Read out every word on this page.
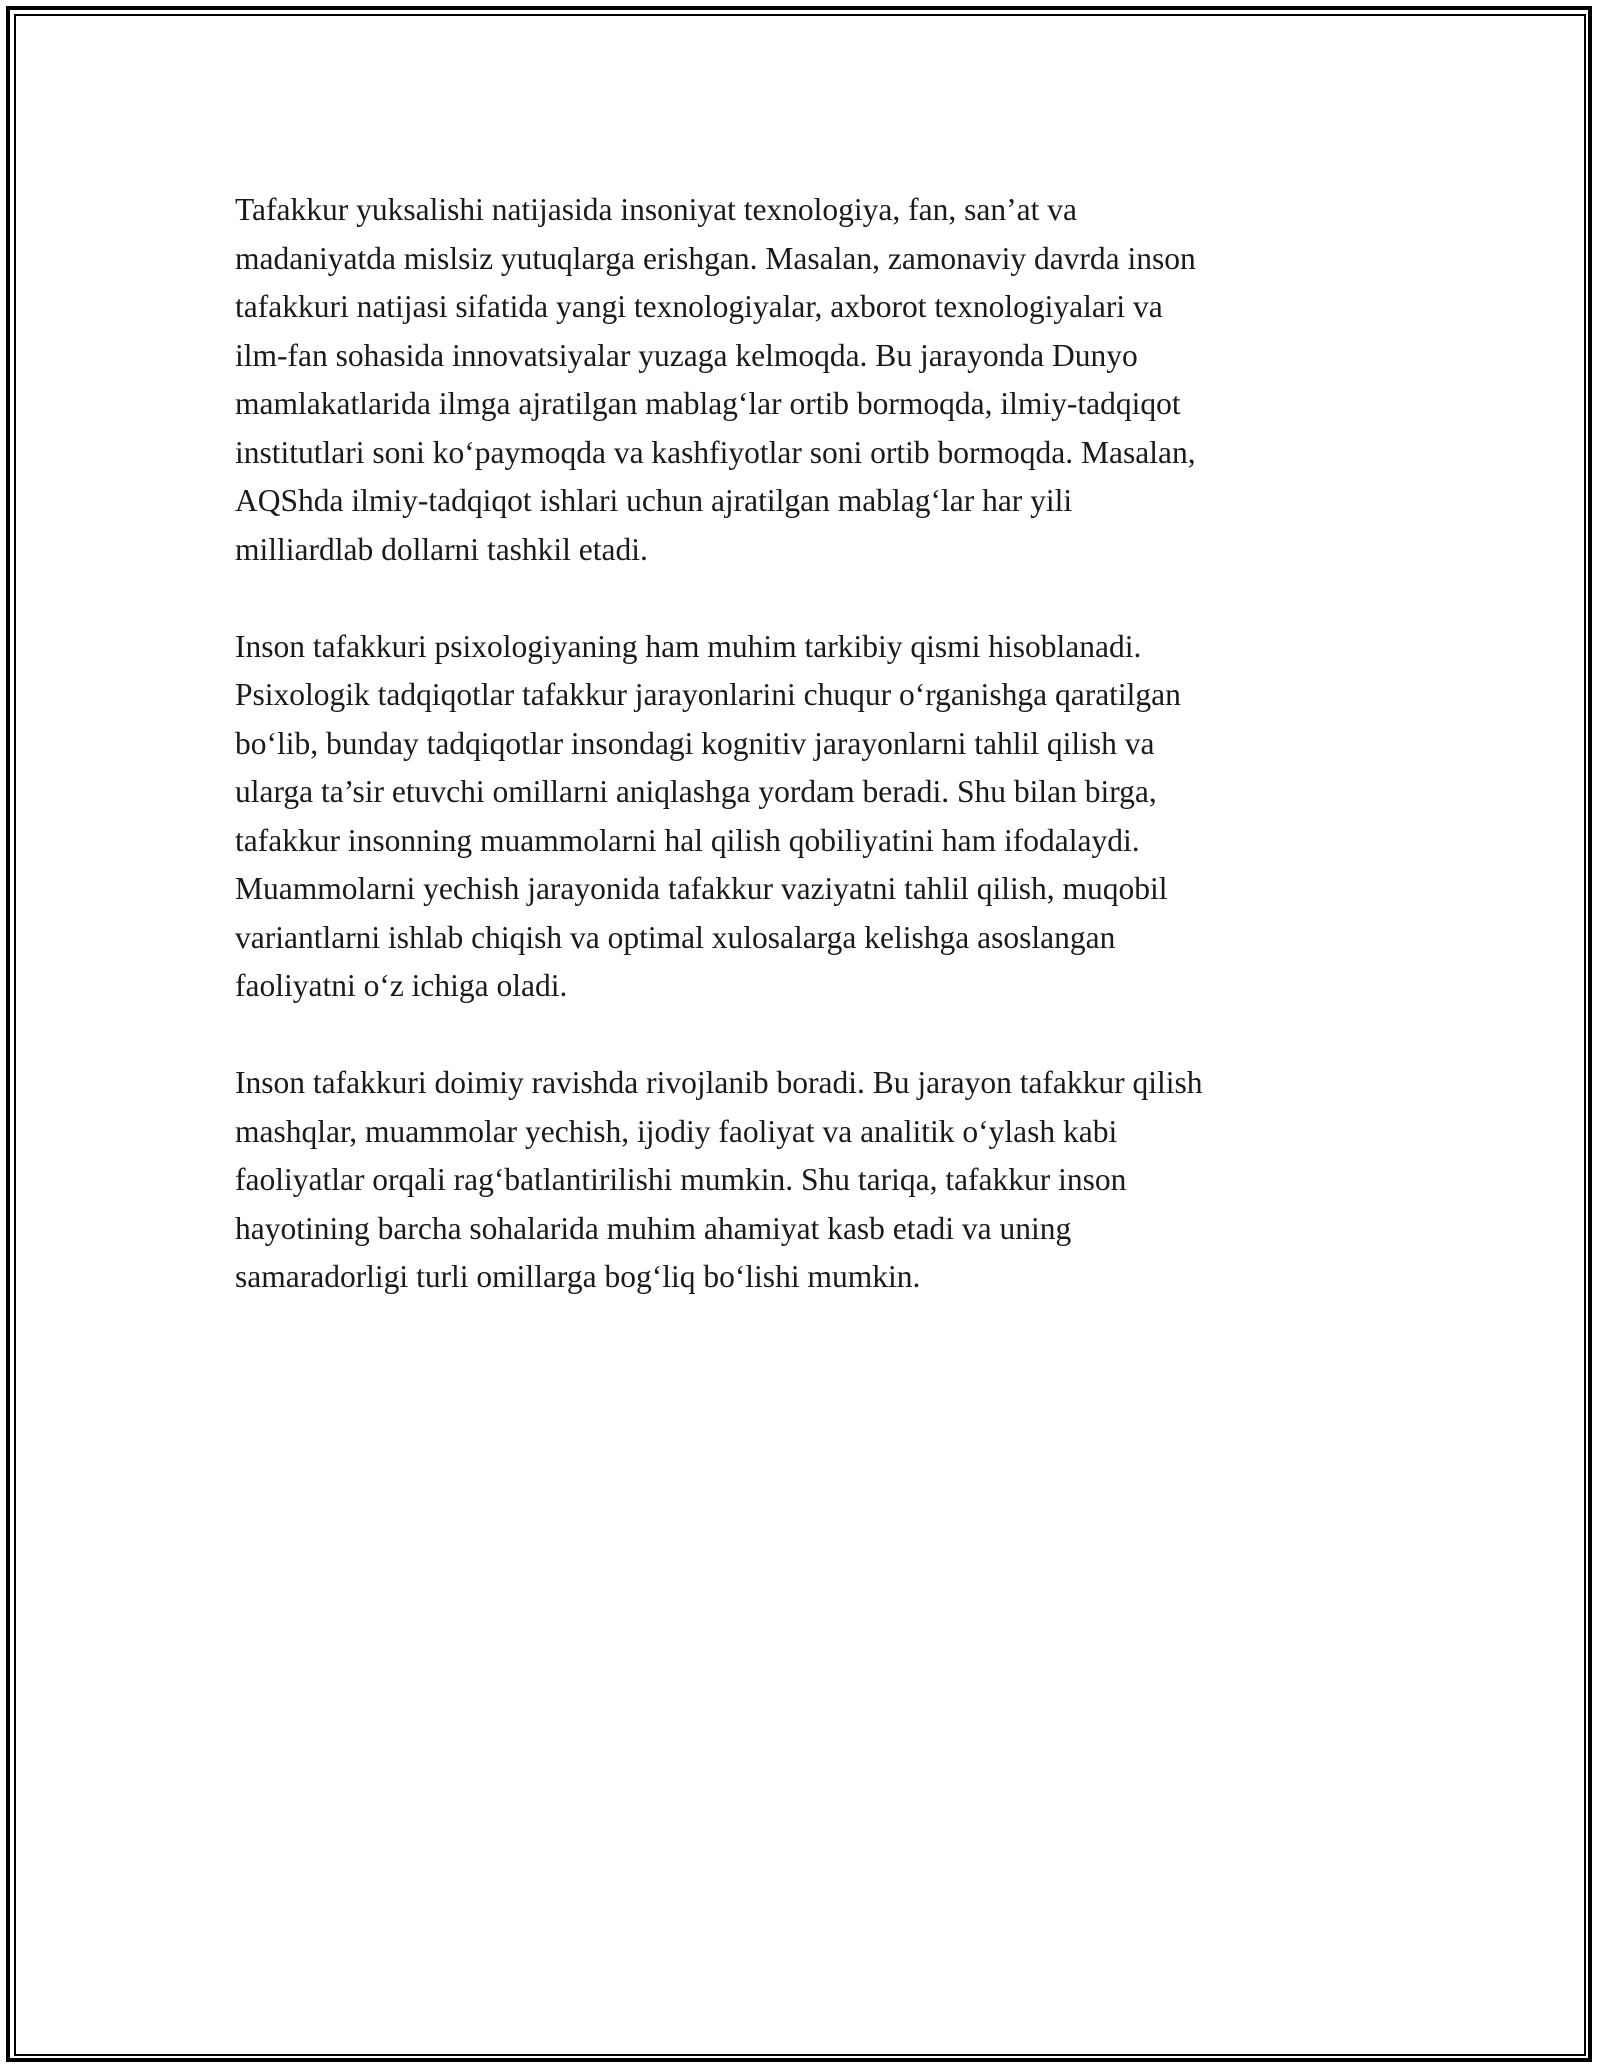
Tafakkur yuksalishi natijasida insoniyat texnologiya, fan, san’at va
madaniyatda mislsiz yutuqlarga erishgan. Masalan, zamonaviy davrda inson
tafakkuri natijasi sifatida yangi texnologiyalar, axborot texnologiyalari va
ilm-fan sohasida innovatsiyalar yuzaga kelmoqda. Bu jarayonda Dunyo
mamlakatlarida ilmga ajratilgan mablag‘lar ortib bormoqda, ilmiy-tadqiqot
institutlari soni ko‘paymoqda va kashfiyotlar soni ortib bormoqda. Masalan,
AQShda ilmiy-tadqiqot ishlari uchun ajratilgan mablag‘lar har yili
milliardlab dollarni tashkil etadi.

Inson tafakkuri psixologiyaning ham muhim tarkibiy qismi hisoblanadi.
Psixologik tadqiqotlar tafakkur jarayonlarini chuqur o‘rganishga qaratilgan
bo‘lib, bunday tadqiqotlar insondagi kognitiv jarayonlarni tahlil qilish va
ularga ta’sir etuvchi omillarni aniqlashga yordam beradi. Shu bilan birga,
tafakkur insonning muammolarni hal qilish qobiliyatini ham ifodalaydi.
Muammolarni yechish jarayonida tafakkur vaziyatni tahlil qilish, muqobil
variantlarni ishlab chiqish va optimal xulosalarga kelishga asoslangan
faoliyatni o‘z ichiga oladi.

Inson tafakkuri doimiy ravishda rivojlanib boradi. Bu jarayon tafakkur qilish
mashqlar, muammolar yechish, ijodiy faoliyat va analitik o‘ylash kabi
faoliyatlar orqali rag‘batlantirilishi mumkin. Shu tariqa, tafakkur inson
hayotining barcha sohalarida muhim ahamiyat kasb etadi va uning
samaradorligi turli omillarga bog‘liq bo‘lishi mumkin.
